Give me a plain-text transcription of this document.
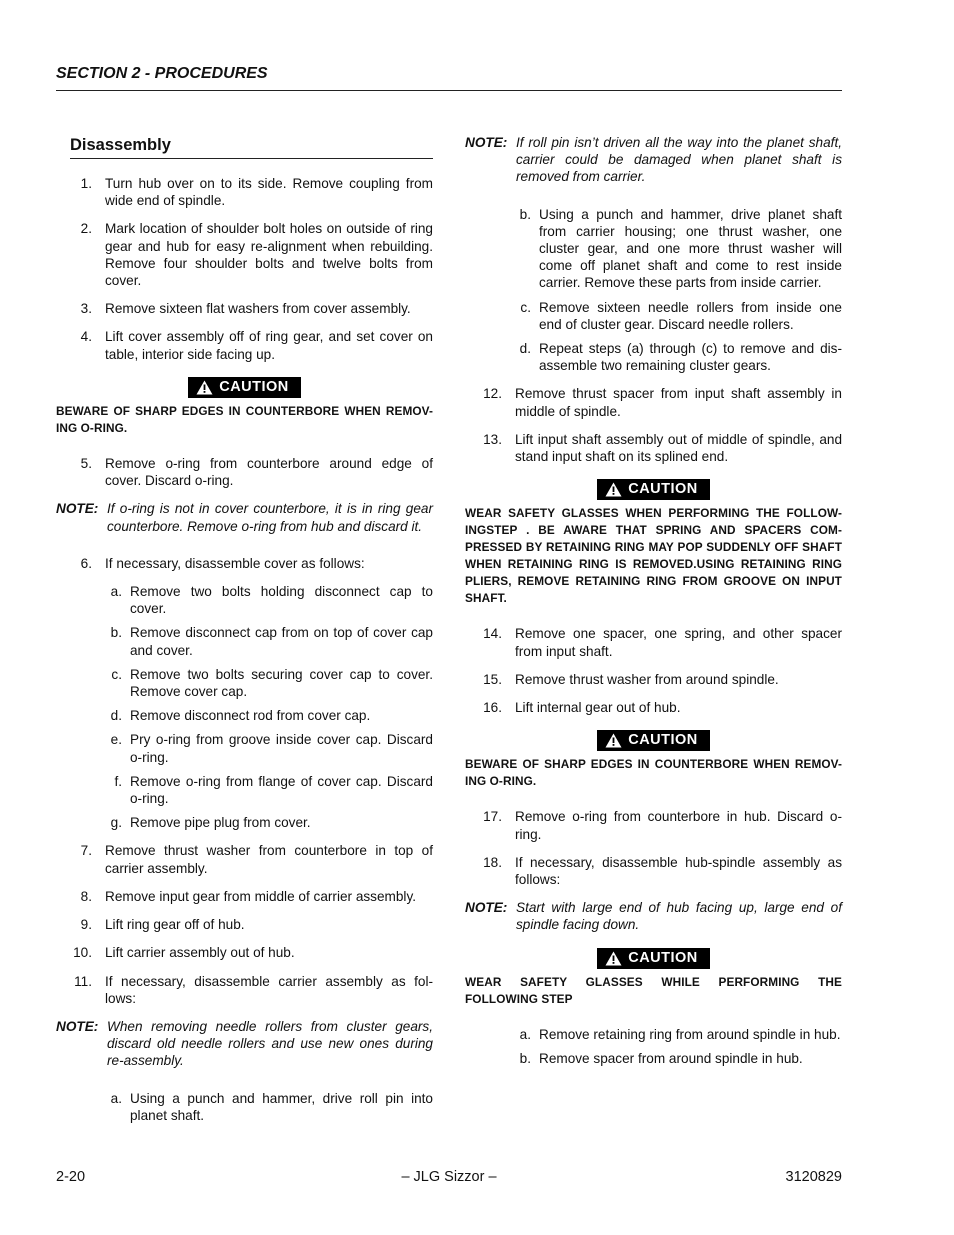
SECTION 2 - PROCEDURES
Disassembly
1. Turn hub over on to its side. Remove coupling from wide end of spindle.
2. Mark location of shoulder bolt holes on outside of ring gear and hub for easy re-alignment when rebuilding. Remove four shoulder bolts and twelve bolts from cover.
3. Remove sixteen flat washers from cover assembly.
4. Lift cover assembly off of ring gear, and set cover on table, interior side facing up.
CAUTION
BEWARE OF SHARP EDGES IN COUNTERBORE WHEN REMOV-ING O-RING.
5. Remove o-ring from counterbore around edge of cover. Discard o-ring.
NOTE: If o-ring is not in cover counterbore, it is in ring gear counterbore. Remove o-ring from hub and discard it.
6. If necessary, disassemble cover as follows:
a. Remove two bolts holding disconnect cap to cover.
b. Remove disconnect cap from on top of cover cap and cover.
c. Remove two bolts securing cover cap to cover. Remove cover cap.
d. Remove disconnect rod from cover cap.
e. Pry o-ring from groove inside cover cap. Discard o-ring.
f. Remove o-ring from flange of cover cap. Discard o-ring.
g. Remove pipe plug from cover.
7. Remove thrust washer from counterbore in top of carrier assembly.
8. Remove input gear from middle of carrier assembly.
9. Lift ring gear off of hub.
10. Lift carrier assembly out of hub.
11. If necessary, disassemble carrier assembly as fol-lows:
NOTE: When removing needle rollers from cluster gears, discard old needle rollers and use new ones during re-assembly.
a. Using a punch and hammer, drive roll pin into planet shaft.
NOTE: If roll pin isn’t driven all the way into the planet shaft, carrier could be damaged when planet shaft is removed from carrier.
b. Using a punch and hammer, drive planet shaft from carrier housing; one thrust washer, one cluster gear, and one more thrust washer will come off planet shaft and come to rest inside carrier. Remove these parts from inside carrier.
c. Remove sixteen needle rollers from inside one end of cluster gear. Discard needle rollers.
d. Repeat steps (a) through (c) to remove and dis-assemble two remaining cluster gears.
12. Remove thrust spacer from input shaft assembly in middle of spindle.
13. Lift input shaft assembly out of middle of spindle, and stand input shaft on its splined end.
CAUTION
WEAR SAFETY GLASSES WHEN PERFORMING THE FOLLOW-INGSTEP . BE AWARE THAT SPRING AND SPACERS COM-PRESSED BY RETAINING RING MAY POP SUDDENLY OFF SHAFT WHEN RETAINING RING IS REMOVED.USING RETAINING RING PLIERS, REMOVE RETAINING RING FROM GROOVE ON INPUT SHAFT.
14. Remove one spacer, one spring, and other spacer from input shaft.
15. Remove thrust washer from around spindle.
16. Lift internal gear out of hub.
CAUTION
BEWARE OF SHARP EDGES IN COUNTERBORE WHEN REMOV-ING O-RING.
17. Remove o-ring from counterbore in hub. Discard o-ring.
18. If necessary, disassemble hub-spindle assembly as follows:
NOTE: Start with large end of hub facing up, large end of spindle facing down.
CAUTION
WEAR SAFETY GLASSES WHILE PERFORMING THE FOLLOWING STEP
a. Remove retaining ring from around spindle in hub.
b. Remove spacer from around spindle in hub.
2-20	– JLG Sizzor –	3120829
